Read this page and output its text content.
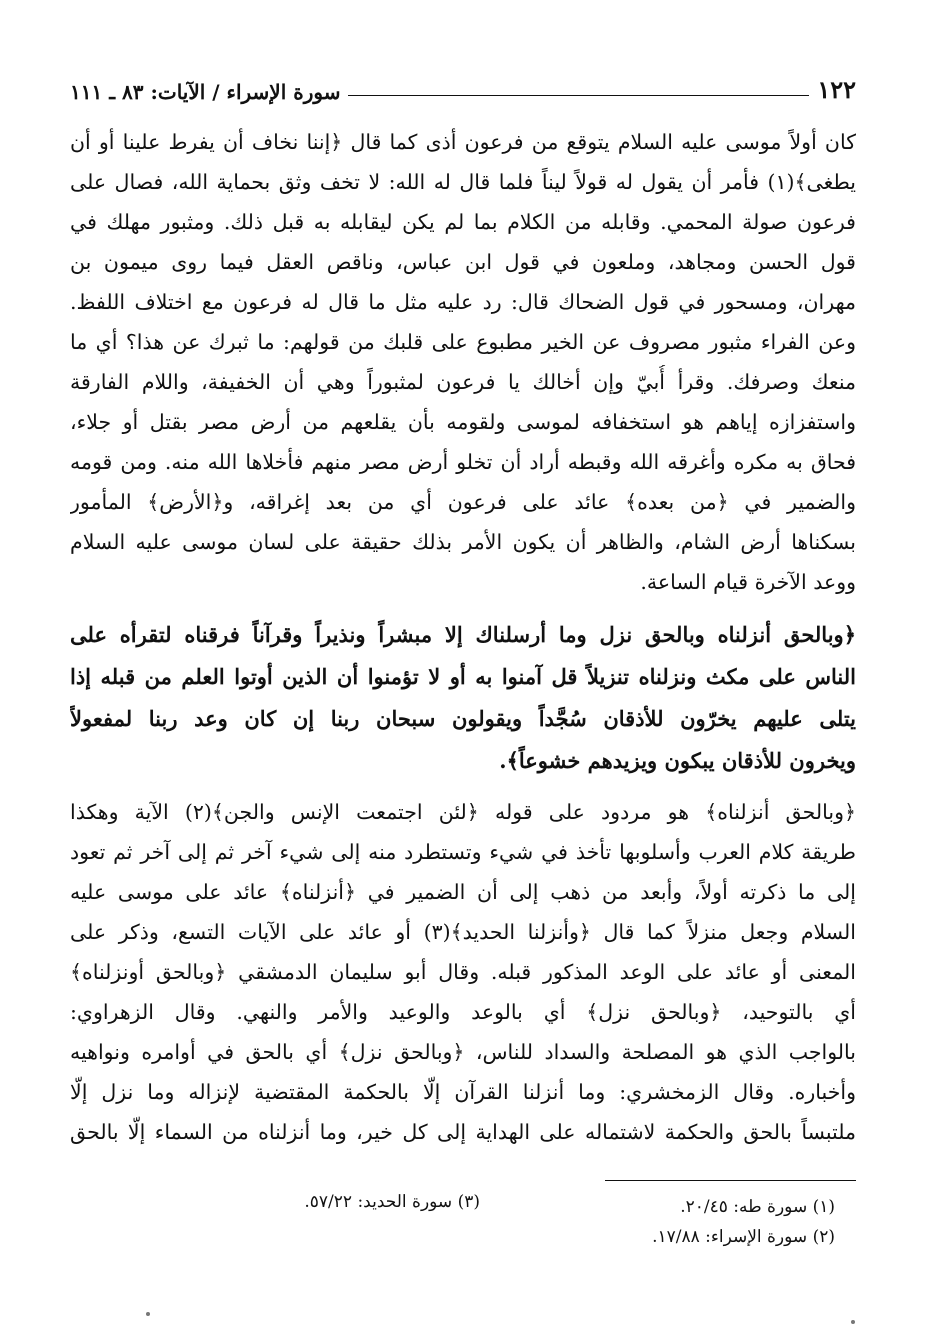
١٢٢
سورة الإسراء / الآيات: ٨٣ ـ ١١١
كان أولاً موسى عليه السلام يتوقع من فرعون أذى كما قال ﴿إننا نخاف أن يفرط علينا أو أن
يطغى﴾(١) فأمر أن يقول له قولاً ليناً فلما قال له الله: لا تخف وثق بحماية الله، فصال على
فرعون صولة المحمي. وقابله من الكلام بما لم يكن ليقابله به قبل ذلك. ومثبور مهلك في
قول الحسن ومجاهد، وملعون في قول ابن عباس، وناقص العقل فيما روى ميمون بن
مهران، ومسحور في قول الضحاك قال: رد عليه مثل ما قال له فرعون مع اختلاف اللفظ.
وعن الفراء مثبور مصروف عن الخير مطبوع على قلبك من قولهم: ما ثبرك عن هذا؟ أي ما
منعك وصرفك. وقرأ أُبيّ وإن أخالك يا فرعون لمثبوراً وهي أن الخفيفة، واللام الفارقة
واستفزازه إياهم هو استخفافه لموسى ولقومه بأن يقلعهم من أرض مصر بقتل أو جلاء،
فحاق به مكره وأغرقه الله وقبطه أراد أن تخلو أرض مصر منهم فأخلاها الله منه. ومن قومه
والضمير في ﴿من بعده﴾ عائد على فرعون أي من بعد إغراقه، و﴿الأرض﴾ المأمور
بسكناها أرض الشام، والظاهر أن يكون الأمر بذلك حقيقة على لسان موسى عليه السلام
ووعد الآخرة قيام الساعة.
﴿وبالحق أنزلناه وبالحق نزل وما أرسلناك إلا مبشراً ونذيراً وقرآناً فرقناه لتقرأه على
الناس على مكث ونزلناه تنزيلاً قل آمنوا به أو لا تؤمنوا أن الذين أوتوا العلم من قبله إذا
يتلى عليهم يخرّون للأذقان سُجَّداً ويقولون سبحان ربنا إن كان وعد ربنا لمفعولاً
ويخرون للأذقان يبكون ويزيدهم خشوعاً﴾.
﴿وبالحق أنزلناه﴾ هو مردود على قوله ﴿لئن اجتمعت الإنس والجن﴾(٢) الآية وهكذا
طريقة كلام العرب وأسلوبها تأخذ في شيء وتستطرد منه إلى شيء آخر ثم إلى آخر ثم تعود
إلى ما ذكرته أولاً، وأبعد من ذهب إلى أن الضمير في ﴿أنزلناه﴾ عائد على موسى عليه
السلام وجعل منزلاً كما قال ﴿وأنزلنا الحديد﴾(٣) أو عائد على الآيات التسع، وذكر على
المعنى أو عائد على الوعد المذكور قبله. وقال أبو سليمان الدمشقي ﴿وبالحق أونزلناه﴾
أي بالتوحيد، ﴿وبالحق نزل﴾ أي بالوعد والوعيد والأمر والنهي. وقال الزهراوي:
بالواجب الذي هو المصلحة والسداد للناس، ﴿وبالحق نزل﴾ أي بالحق في أوامره ونواهيه
وأخباره. وقال الزمخشري: وما أنزلنا القرآن إلّا بالحكمة المقتضية لإنزاله وما نزل إلّا
ملتبساً بالحق والحكمة لاشتماله على الهداية إلى كل خير، وما أنزلناه من السماء إلّا بالحق
(٣) سورة الحديد: ٥٧/٢٢.	(١) سورة طه: ٢٠/٤٥.
(٢) سورة الإسراء: ١٧/٨٨.
